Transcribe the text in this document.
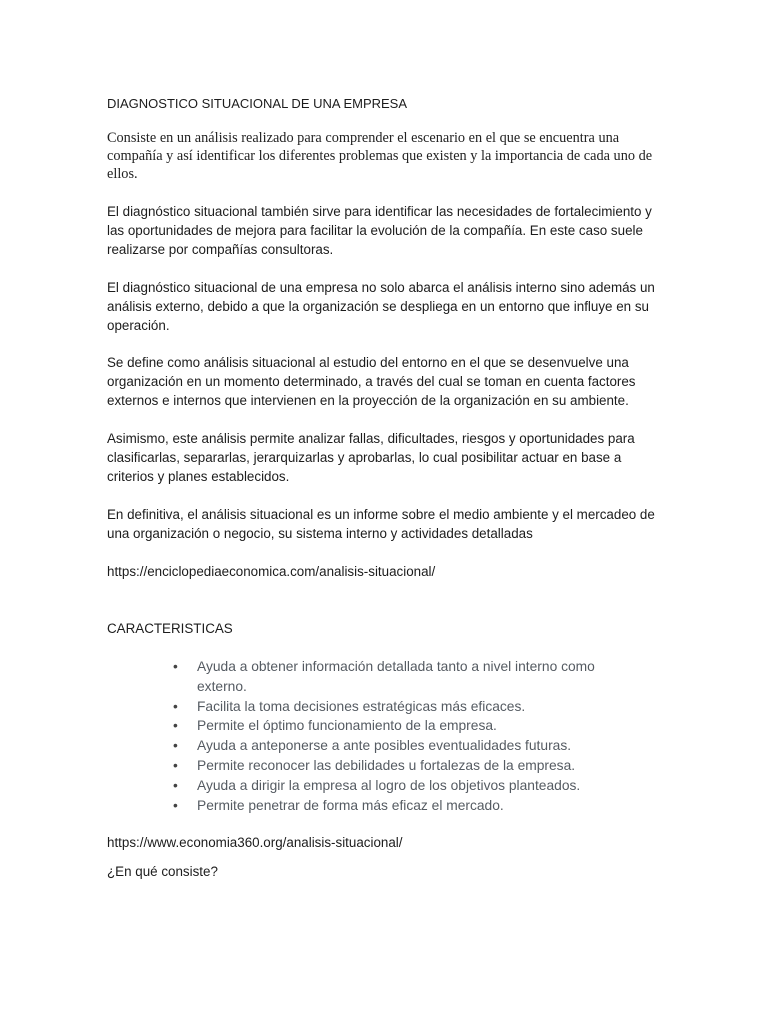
DIAGNOSTICO SITUACIONAL DE UNA EMPRESA

Consiste en un análisis realizado para comprender el escenario en el que se encuentra una compañía y así identificar los diferentes problemas que existen y la importancia de cada uno de ellos.

El diagnóstico situacional también sirve para identificar las necesidades de fortalecimiento y las oportunidades de mejora para facilitar la evolución de la compañía. En este caso suele realizarse por compañías consultoras.

El diagnóstico situacional de una empresa no solo abarca el análisis interno sino además un análisis externo, debido a que la organización se despliega en un entorno que influye en su operación.

Se define como análisis situacional al estudio del entorno en el que se desenvuelve una organización en un momento determinado, a través del cual se toman en cuenta factores externos e internos que intervienen en la proyección de la organización en su ambiente.

Asimismo, este análisis permite analizar fallas, dificultades, riesgos y oportunidades para clasificarlas, separarlas, jerarquizarlas y aprobarlas, lo cual posibilitar actuar en base a criterios y planes establecidos.

En definitiva, el análisis situacional es un informe sobre el medio ambiente y el mercadeo de una organización o negocio, su sistema interno y actividades detalladas

https://enciclopediaeconomica.com/analisis-situacional/

CARACTERISTICAS

• Ayuda a obtener información detallada tanto a nivel interno como externo.
• Facilita la toma decisiones estratégicas más eficaces.
• Permite el óptimo funcionamiento de la empresa.
• Ayuda a anteponerse a ante posibles eventualidades futuras.
• Permite reconocer las debilidades u fortalezas de la empresa.
• Ayuda a dirigir la empresa al logro de los objetivos planteados.
• Permite penetrar de forma más eficaz el mercado.

https://www.economia360.org/analisis-situacional/

¿En qué consiste?
